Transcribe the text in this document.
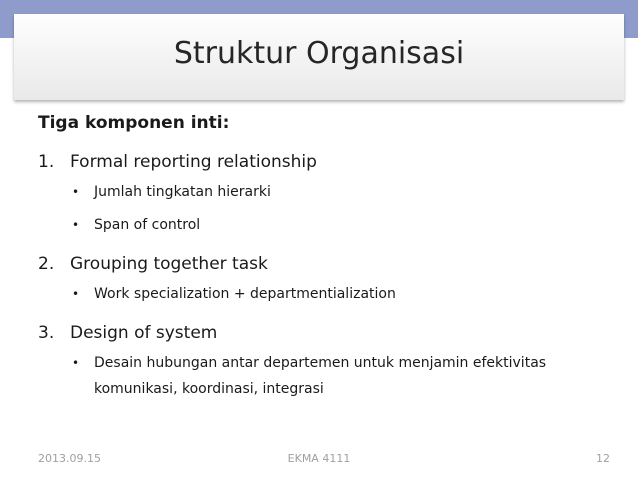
Struktur Organisasi

Tiga komponen inti:

1. Formal reporting relationship
•	Jumlah tingkatan hierarki
•	Span of control
2. Grouping together task
•	Work specialization + departmentialization
3. Design of system
•	Desain hubungan antar departemen untuk menjamin efektivitas komunikasi, koordinasi, integrasi
2013.09.15	EKMA 4111	12
